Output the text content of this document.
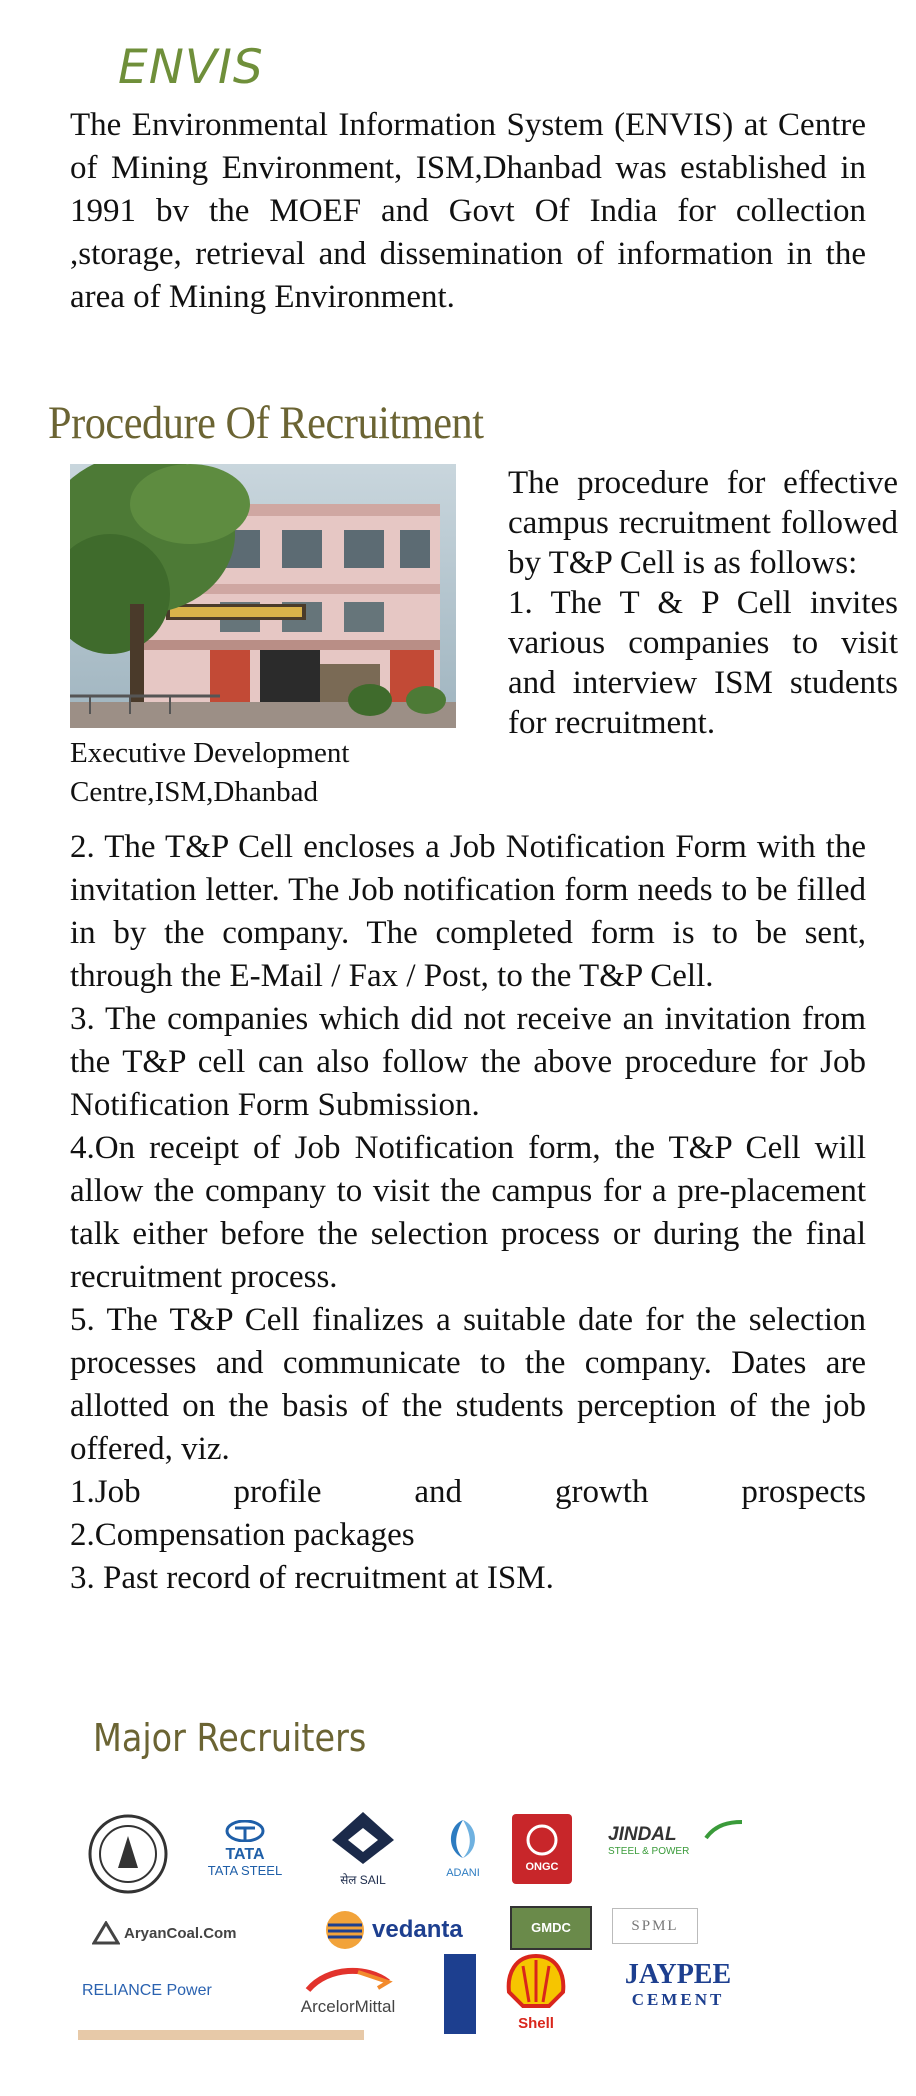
ENVIS

The Environmental Information System (ENVIS) at Centre of Mining Environment, ISM,Dhanbad was established in 1991 bv the MOEF and Govt Of India for collection ,storage, retrieval and dissemination of information in the area of Mining Environment.

Procedure Of Recruitment

Executive Development
Centre,ISM,Dhanbad

The procedure for effective campus recruitment followed by T&P Cell is as follows:
1. The T & P Cell invites various companies to visit and interview ISM students for recruitment.
2. The T&P Cell encloses a Job Notification Form with the invitation letter. The Job notification form needs to be filled in by the company. The completed form is to be sent, through the E-Mail / Fax / Post, to the T&P Cell.
3. The companies which did not receive an invitation from the T&P cell can also follow the above procedure for Job Notification Form Submission.
4.On receipt of Job Notification form, the T&P Cell will allow the company to visit the campus for a pre-placement talk either before the selection process or during the final recruitment process.
5. The T&P Cell finalizes a suitable date for the selection processes and communicate to the company. Dates are allotted on the basis of the students perception of the job offered, viz.
1.Job profile and growth prospects
2.Compensation packages
3. Past record of recruitment at ISM.
Major Recruiters
TATA
TATA STEEL
सेल SAIL	ADANI	ONGC
JINDAL
STEEL & POWER
AryanCoal.Com	vedanta	GMDC	SPML
RELIANCE Power
ArcelorMittal
Shell
JAYPEE
CEMENT
